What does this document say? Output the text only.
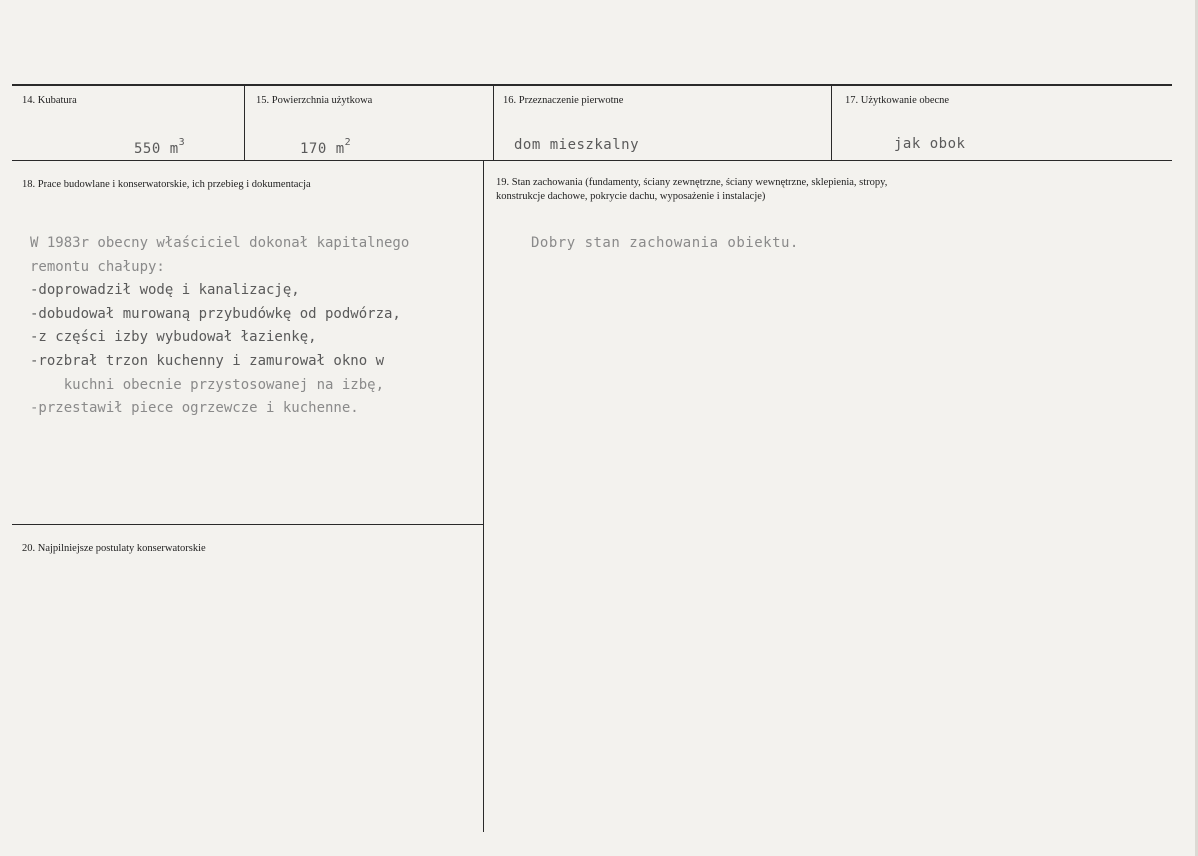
14. Kubatura	15. Powierzchnia użytkowa	16. Przeznaczenie pierwotne	17. Użytkowanie obecne
550 $m^3$	170 $m^2$	dom mieszkalny	jak obok
18. Prace budowlane i konserwatorskie, ich przebieg i dokumentacja
W 1983r obecny właściciel dokonał kapitalnego
remontu chałupy:
-doprowadził wodę i kanalizację,
-dobudował murowaną przybudówkę od podwórza,
-z części izby wybudował łazienkę,
-rozbrał trzon kuchenny i zamurował okno w
kuchni obecnie przystosowanej na izbę,
-przestawił piece ogrzewcze i kuchenne.
19. Stan zachowania (fundamenty, ściany zewnętrzne, ściany wewnętrzne, sklepienia, stropy,
konstrukcje dachowe, pokrycie dachu, wyposażenie i instalacje)
Dobry stan zachowania obiektu.
20. Najpilniejsze postulaty konserwatorskie
